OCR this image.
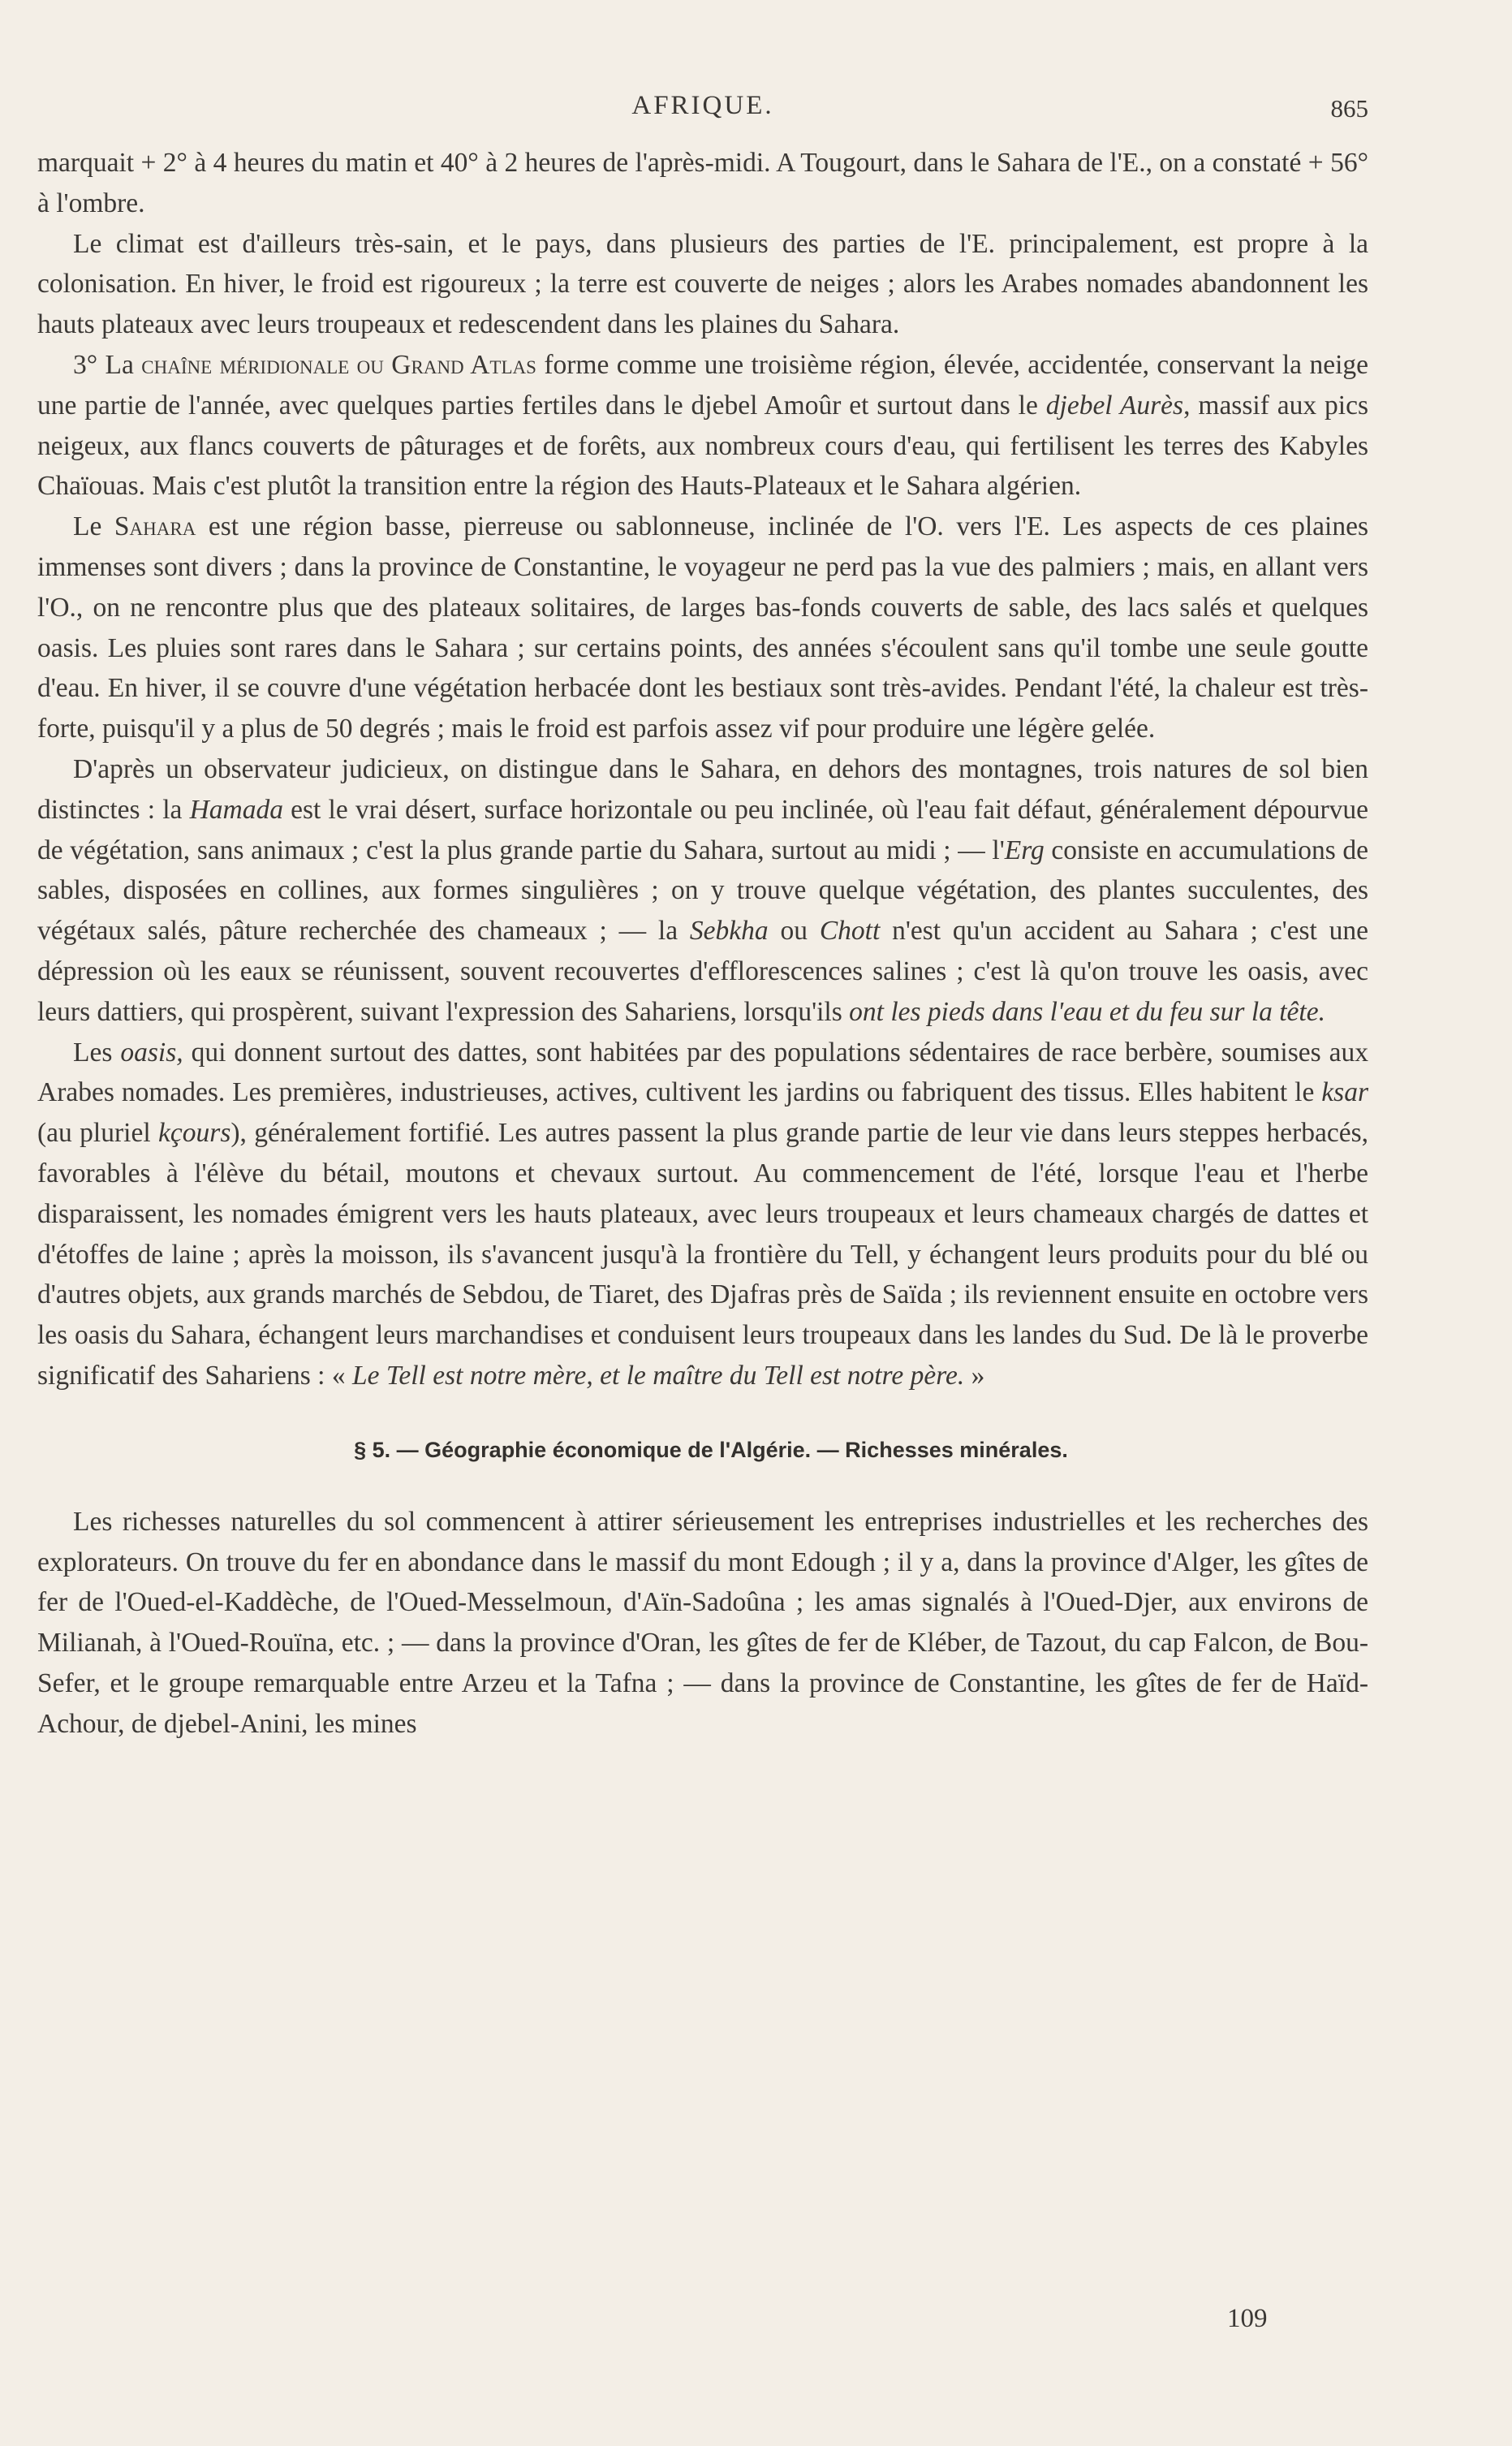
AFRIQUE.	865

marquait + 2° à 4 heures du matin et 40° à 2 heures de l'après-midi. A Tougourt, dans le Sahara de l'E., on a constaté + 56° à l'ombre.

Le climat est d'ailleurs très-sain, et le pays, dans plusieurs des parties de l'E. principalement, est propre à la colonisation. En hiver, le froid est rigoureux ; la terre est couverte de neiges ; alors les Arabes nomades abandonnent les hauts plateaux avec leurs troupeaux et redescendent dans les plaines du Sahara.

3° La chaîne méridionale ou Grand Atlas forme comme une troisième région, élevée, accidentée, conservant la neige une partie de l'année, avec quelques parties fertiles dans le djebel Amoûr et surtout dans le djebel Aurès, massif aux pics neigeux, aux flancs couverts de pâturages et de forêts, aux nombreux cours d'eau, qui fertilisent les terres des Kabyles Chaïouas. Mais c'est plutôt la transition entre la région des Hauts-Plateaux et le Sahara algérien.

Le Sahara est une région basse, pierreuse ou sablonneuse, inclinée de l'O. vers l'E. Les aspects de ces plaines immenses sont divers ; dans la province de Constantine, le voyageur ne perd pas la vue des palmiers ; mais, en allant vers l'O., on ne rencontre plus que des plateaux solitaires, de larges bas-fonds couverts de sable, des lacs salés et quelques oasis. Les pluies sont rares dans le Sahara ; sur certains points, des années s'écoulent sans qu'il tombe une seule goutte d'eau. En hiver, il se couvre d'une végétation herbacée dont les bestiaux sont très-avides. Pendant l'été, la chaleur est très-forte, puisqu'il y a plus de 50 degrés ; mais le froid est parfois assez vif pour produire une légère gelée.

D'après un observateur judicieux, on distingue dans le Sahara, en dehors des montagnes, trois natures de sol bien distinctes : la Hamada est le vrai désert, surface horizontale ou peu inclinée, où l'eau fait défaut, généralement dépourvue de végétation, sans animaux ; c'est la plus grande partie du Sahara, surtout au midi ; — l'Erg consiste en accumulations de sables, disposées en collines, aux formes singulières ; on y trouve quelque végétation, des plantes succulentes, des végétaux salés, pâture recherchée des chameaux ; — la Sebkha ou Chott n'est qu'un accident au Sahara ; c'est une dépression où les eaux se réunissent, souvent recouvertes d'efflorescences salines ; c'est là qu'on trouve les oasis, avec leurs dattiers, qui prospèrent, suivant l'expression des Sahariens, lorsqu'ils ont les pieds dans l'eau et du feu sur la tête.

Les oasis, qui donnent surtout des dattes, sont habitées par des populations sédentaires de race berbère, soumises aux Arabes nomades. Les premières, industrieuses, actives, cultivent les jardins ou fabriquent des tissus. Elles habitent le ksar (au pluriel kçours), généralement fortifié. Les autres passent la plus grande partie de leur vie dans leurs steppes herbacés, favorables à l'élève du bétail, moutons et chevaux surtout. Au commencement de l'été, lorsque l'eau et l'herbe disparaissent, les nomades émigrent vers les hauts plateaux, avec leurs troupeaux et leurs chameaux chargés de dattes et d'étoffes de laine ; après la moisson, ils s'avancent jusqu'à la frontière du Tell, y échangent leurs produits pour du blé ou d'autres objets, aux grands marchés de Sebdou, de Tiaret, des Djafras près de Saïda ; ils reviennent ensuite en octobre vers les oasis du Sahara, échangent leurs marchandises et conduisent leurs troupeaux dans les landes du Sud. De là le proverbe significatif des Sahariens : « Le Tell est notre mère, et le maître du Tell est notre père. »

§ 5. — Géographie économique de l'Algérie. — Richesses minérales.

Les richesses naturelles du sol commencent à attirer sérieusement les entreprises industrielles et les recherches des explorateurs. On trouve du fer en abondance dans le massif du mont Edough ; il y a, dans la province d'Alger, les gîtes de fer de l'Oued-el-Kaddèche, de l'Oued-Messelmoun, d'Aïn-Sadoûna ; les amas signalés à l'Oued-Djer, aux environs de Milianah, à l'Oued-Rouïna, etc. ; — dans la province d'Oran, les gîtes de fer de Kléber, de Tazout, du cap Falcon, de Bou-Sefer, et le groupe remarquable entre Arzeu et la Tafna ; — dans la province de Constantine, les gîtes de fer de Haïd-Achour, de djebel-Anini, les mines

109
